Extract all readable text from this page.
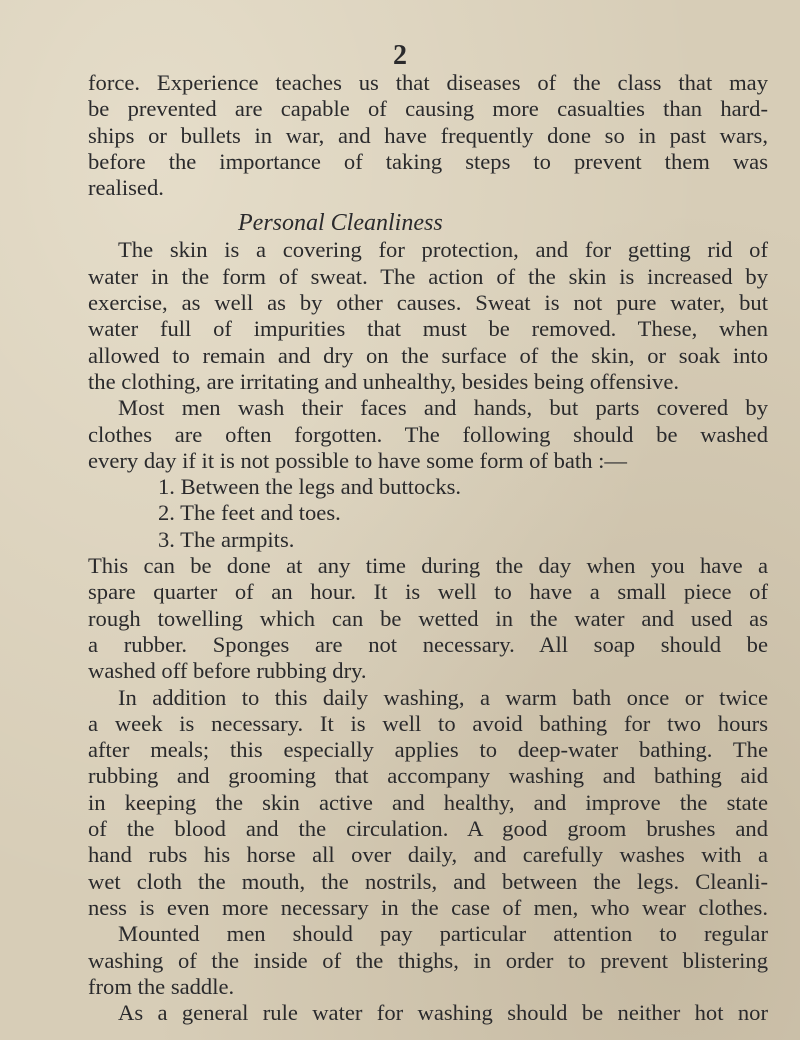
2
force. Experience teaches us that diseases of the class that may
be prevented are capable of causing more casualties than hard-
ships or bullets in war, and have frequently done so in past wars,
before the importance of taking steps to prevent them was
realised.
Personal Cleanliness
The skin is a covering for protection, and for getting rid of
water in the form of sweat. The action of the skin is increased by
exercise, as well as by other causes. Sweat is not pure water, but
water full of impurities that must be removed. These, when
allowed to remain and dry on the surface of the skin, or soak into
the clothing, are irritating and unhealthy, besides being offensive.
Most men wash their faces and hands, but parts covered by
clothes are often forgotten. The following should be washed
every day if it is not possible to have some form of bath :—
1. Between the legs and buttocks.
2. The feet and toes.
3. The armpits.
This can be done at any time during the day when you have a
spare quarter of an hour. It is well to have a small piece of
rough towelling which can be wetted in the water and used as
a rubber. Sponges are not necessary. All soap should be
washed off before rubbing dry.
In addition to this daily washing, a warm bath once or twice
a week is necessary. It is well to avoid bathing for two hours
after meals; this especially applies to deep-water bathing. The
rubbing and grooming that accompany washing and bathing aid
in keeping the skin active and healthy, and improve the state
of the blood and the circulation. A good groom brushes and
hand rubs his horse all over daily, and carefully washes with a
wet cloth the mouth, the nostrils, and between the legs. Cleanli-
ness is even more necessary in the case of men, who wear clothes.
Mounted men should pay particular attention to regular
washing of the inside of the thighs, in order to prevent blistering
from the saddle.
As a general rule water for washing should be neither hot nor
